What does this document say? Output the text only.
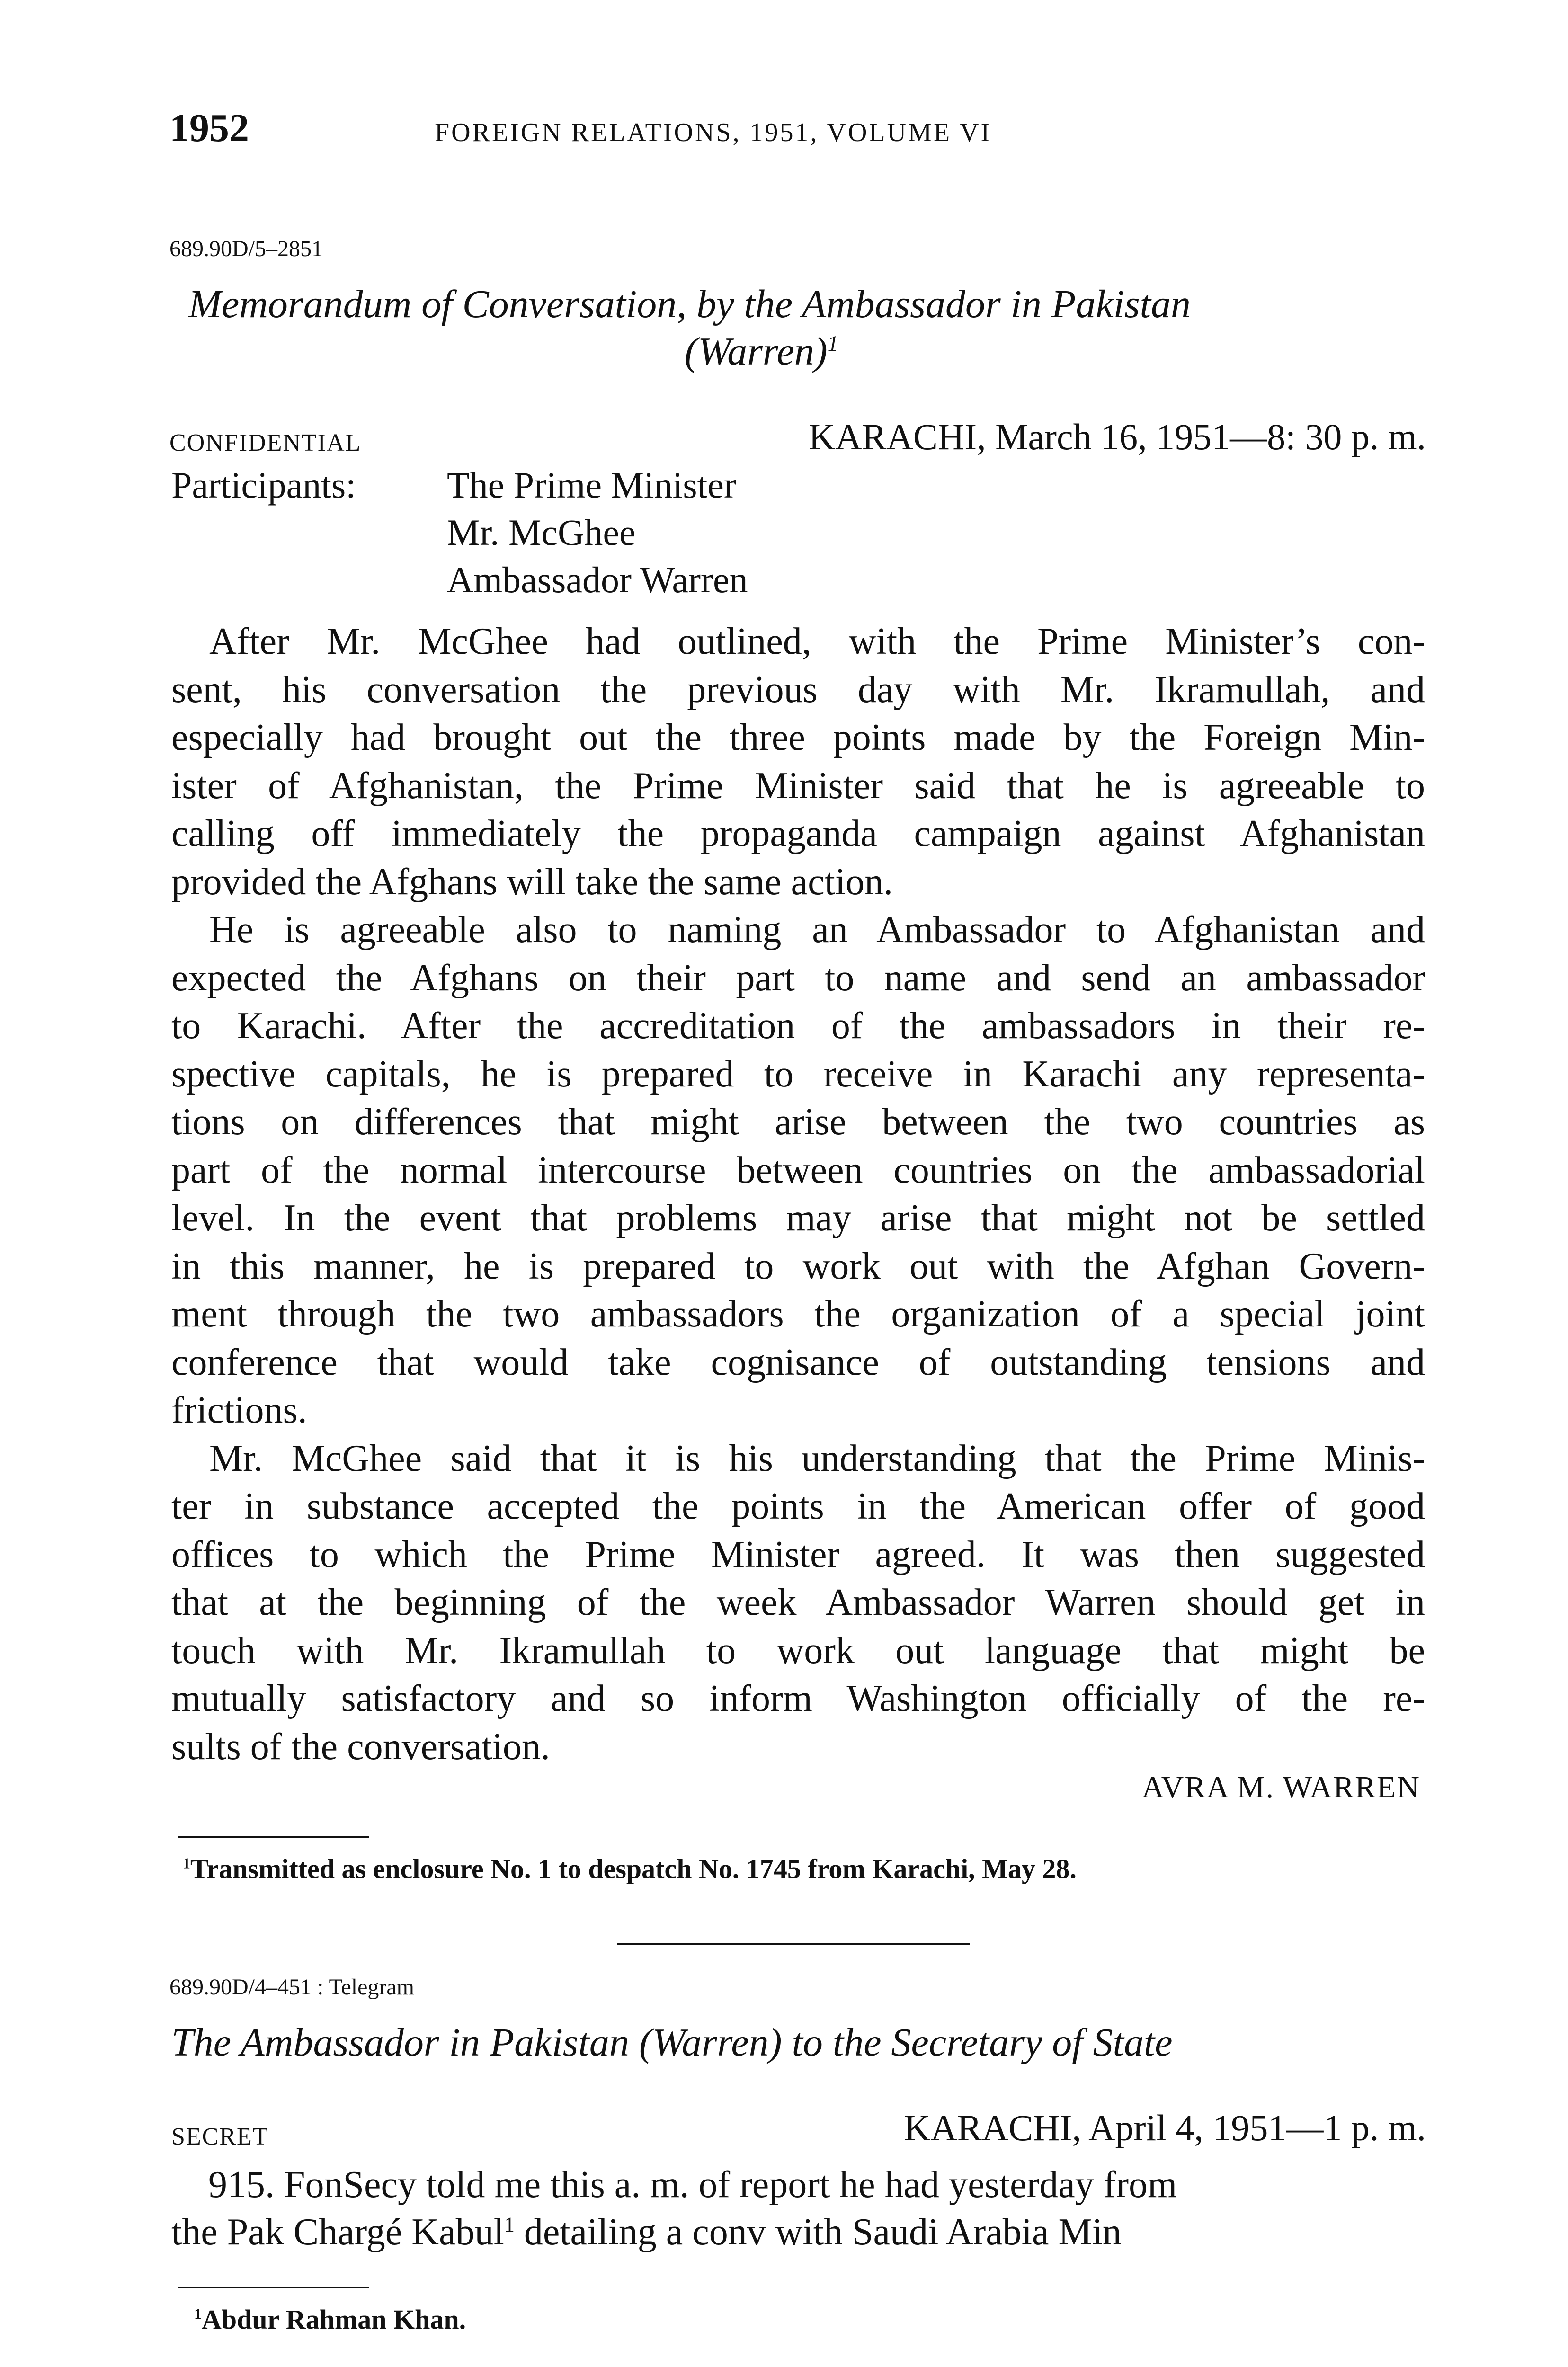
1952	FOREIGN RELATIONS, 1951, VOLUME VI
689.90D/5–2851
Memorandum of Conversation, by the Ambassador in Pakistan
(Warren)$^1$
CONFIDENTIAL	KARACHI, March 16, 1951—8: 30 p. m.
Participants: The Prime Minister
Mr. McGhee
Ambassador Warren
After Mr. McGhee had outlined, with the Prime Minister’s con-
sent, his conversation the previous day with Mr. Ikramullah, and
especially had brought out the three points made by the Foreign Min-
ister of Afghanistan, the Prime Minister said that he is agreeable to
calling off immediately the propaganda campaign against Afghanistan
provided the Afghans will take the same action.
He is agreeable also to naming an Ambassador to Afghanistan and
expected the Afghans on their part to name and send an ambassador
to Karachi. After the accreditation of the ambassadors in their re-
spective capitals, he is prepared to receive in Karachi any representa-
tions on differences that might arise between the two countries as
part of the normal intercourse between countries on the ambassadorial
level. In the event that problems may arise that might not be settled
in this manner, he is prepared to work out with the Afghan Govern-
ment through the two ambassadors the organization of a special joint
conference that would take cognisance of outstanding tensions and
frictions.
Mr. McGhee said that it is his understanding that the Prime Minis-
ter in substance accepted the points in the American offer of good
offices to which the Prime Minister agreed. It was then suggested
that at the beginning of the week Ambassador Warren should get in
touch with Mr. Ikramullah to work out language that might be
mutually satisfactory and so inform Washington officially of the re-
sults of the conversation.
AVRA M. WARREN
$^1$Transmitted as enclosure No. 1 to despatch No. 1745 from Karachi, May 28.
689.90D/4–451 : Telegram
The Ambassador in Pakistan (Warren) to the Secretary of State
SECRET	KARACHI, April 4, 1951—1 p. m.
915. FonSecy told me this a. m. of report he had yesterday from
the Pak Chargé Kabul$^1$ detailing a conv with Saudi Arabia Min
$^1$Abdur Rahman Khan.
